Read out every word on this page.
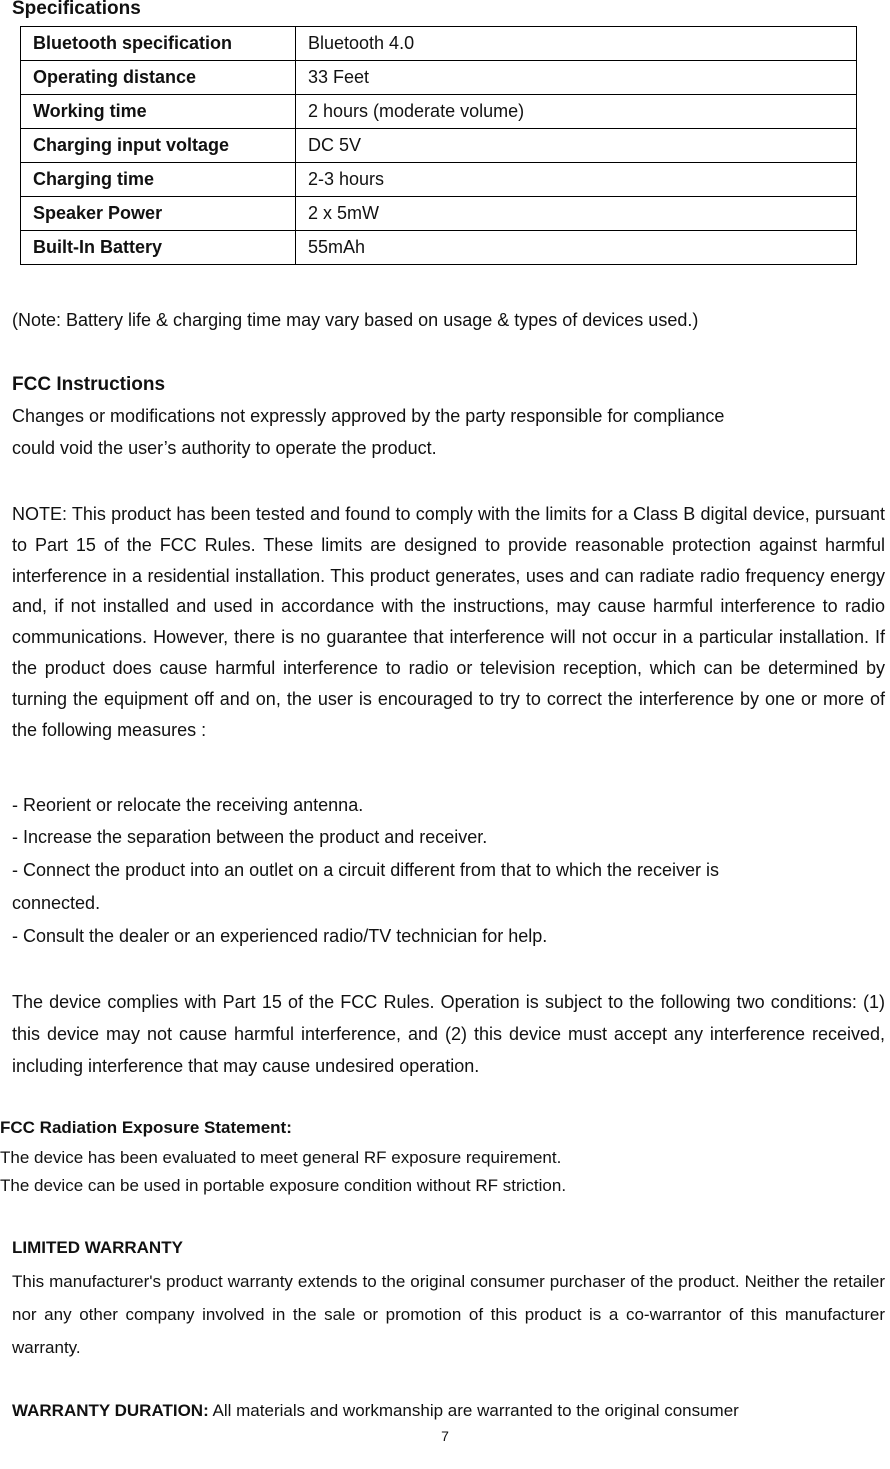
Specifications
Bluetooth specification	Bluetooth 4.0
Operating distance	33 Feet
Working time	2 hours (moderate volume)
Charging input voltage	DC 5V
Charging time	2-3 hours
Speaker Power	2 x 5mW
Built-In Battery	55mAh
(Note: Battery life & charging time may vary based on usage & types of devices used.)
FCC Instructions
Changes or modifications not expressly approved by the party responsible for compliance
could void the user’s authority to operate the product.
NOTE: This product has been tested and found to comply with the limits for a Class B digital device, pursuant to Part 15 of the FCC Rules. These limits are designed to provide reasonable protection against harmful interference in a residential installation. This product generates, uses and can radiate radio frequency energy and, if not installed and used in accordance with the instructions, may cause harmful interference to radio communications. However, there is no guarantee that interference will not occur in a particular installation. If the product does cause harmful interference to radio or television reception, which can be determined by turning the equipment off and on, the user is encouraged to try to correct the interference by one or more of the following measures :
- Reorient or relocate the receiving antenna.
- Increase the separation between the product and receiver.
- Connect the product into an outlet on a circuit different from that to which the receiver is
connected.
- Consult the dealer or an experienced radio/TV technician for help.
The device complies with Part 15 of the FCC Rules. Operation is subject to the following two conditions: (1) this device may not cause harmful interference, and (2) this device must accept any interference received, including interference that may cause undesired operation.
FCC Radiation Exposure Statement:
The device has been evaluated to meet general RF exposure requirement.
The device can be used in portable exposure condition without RF striction.
LIMITED WARRANTY
This manufacturer's product warranty extends to the original consumer purchaser of the product. Neither the retailer nor any other company involved in the sale or promotion of this product is a co-warrantor of this manufacturer warranty.
WARRANTY DURATION: All materials and workmanship are warranted to the original consumer
7
